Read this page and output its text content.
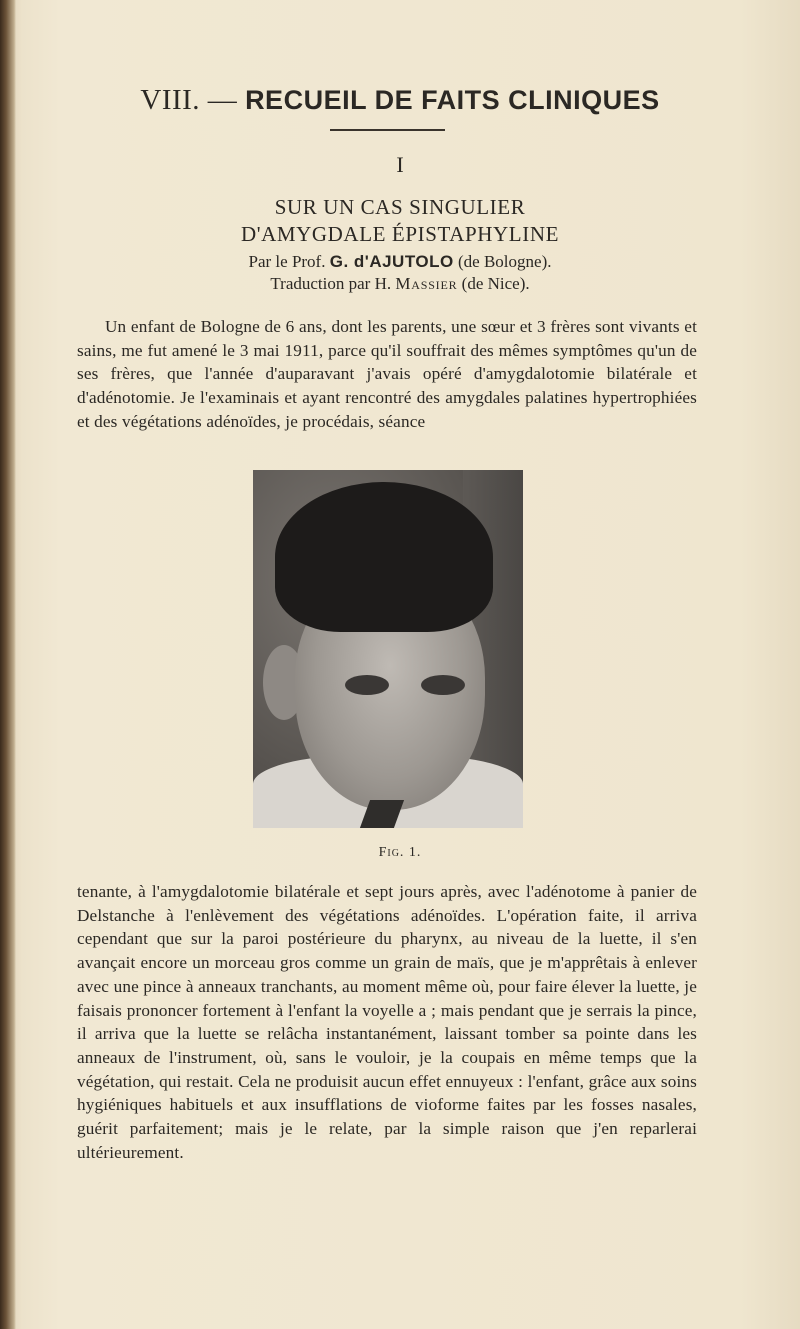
VIII. — RECUEIL DE FAITS CLINIQUES
I
SUR UN CAS SINGULIER
D'AMYGDALE ÉPISTAPHYLINE
Par le Prof. G. d'AJUTOLO (de Bologne).
Traduction par H. Massier (de Nice).
Un enfant de Bologne de 6 ans, dont les parents, une sœur et 3 frères sont vivants et sains, me fut amené le 3 mai 1911, parce qu'il souffrait des mêmes symptômes qu'un de ses frères, que l'année d'auparavant j'avais opéré d'amygdalotomie bilatérale et d'adénotomie. Je l'examinais et ayant rencontré des amygdales palatines hypertrophiées et des végétations adénoïdes, je procédais, séance
Fig. 1.
tenante, à l'amygdalotomie bilatérale et sept jours après, avec l'adénotome à panier de Delstanche à l'enlèvement des végétations adénoïdes. L'opération faite, il arriva cependant que sur la paroi postérieure du pharynx, au niveau de la luette, il s'en avançait encore un morceau gros comme un grain de maïs, que je m'apprêtais à enlever avec une pince à anneaux tranchants, au moment même où, pour faire élever la luette, je faisais prononcer fortement à l'enfant la voyelle a ; mais pendant que je serrais la pince, il arriva que la luette se relâcha instantanément, laissant tomber sa pointe dans les anneaux de l'instrument, où, sans le vouloir, je la coupais en même temps que la végétation, qui restait. Cela ne produisit aucun effet ennuyeux : l'enfant, grâce aux soins hygiéniques habituels et aux insufflations de vioforme faites par les fosses nasales, guérit parfaitement; mais je le relate, par la simple raison que j'en reparlerai ultérieurement.
